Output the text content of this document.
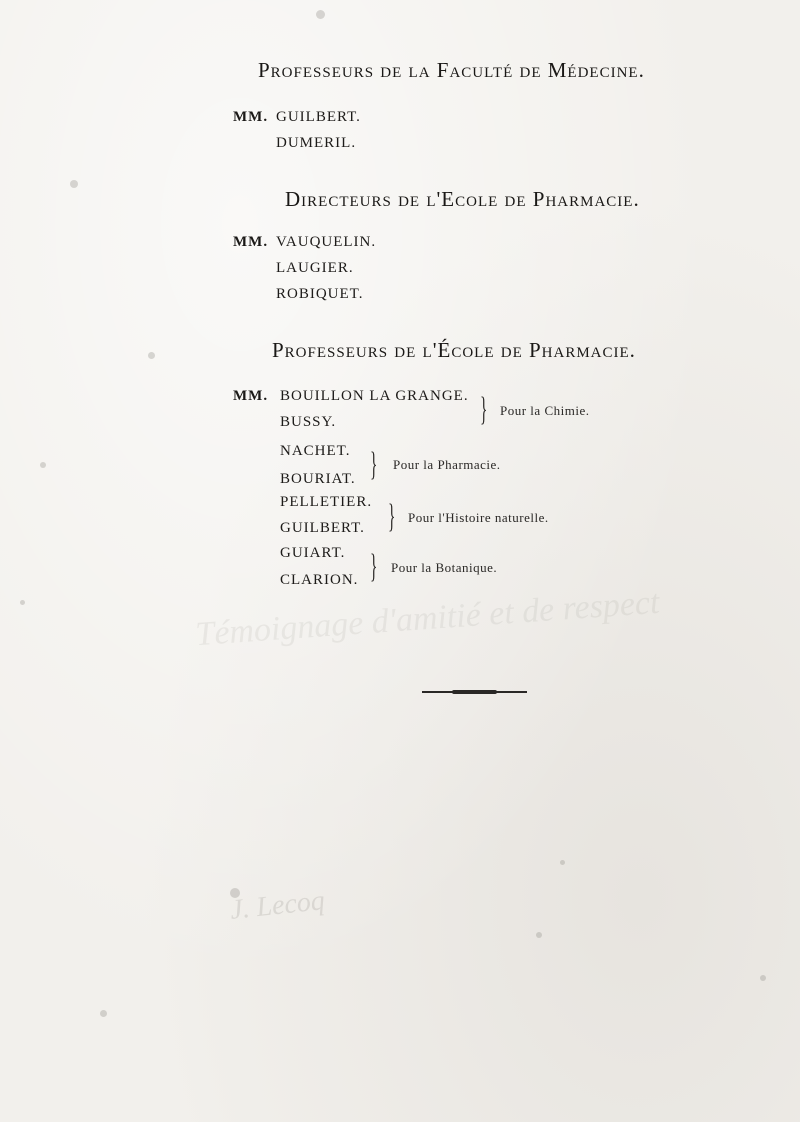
Témoignage d'amitié et de respect
J. Lecoq
Professeurs de la Faculté de Médecine.
MM. GUILBERT.
DUMERIL.
Directeurs de l'Ecole de Pharmacie.
MM. VAUQUELIN.
LAUGIER.
ROBIQUET.
Professeurs de l'École de Pharmacie.
MM. BOUILLON LA GRANGE.
BUSSY.	} Pour la Chimie.
NACHET.
BOURIAT. } Pour la Pharmacie.
PELLETIER.
GUILBERT. } Pour l'Histoire naturelle.
GUIART.
CLARION. } Pour la Botanique.
